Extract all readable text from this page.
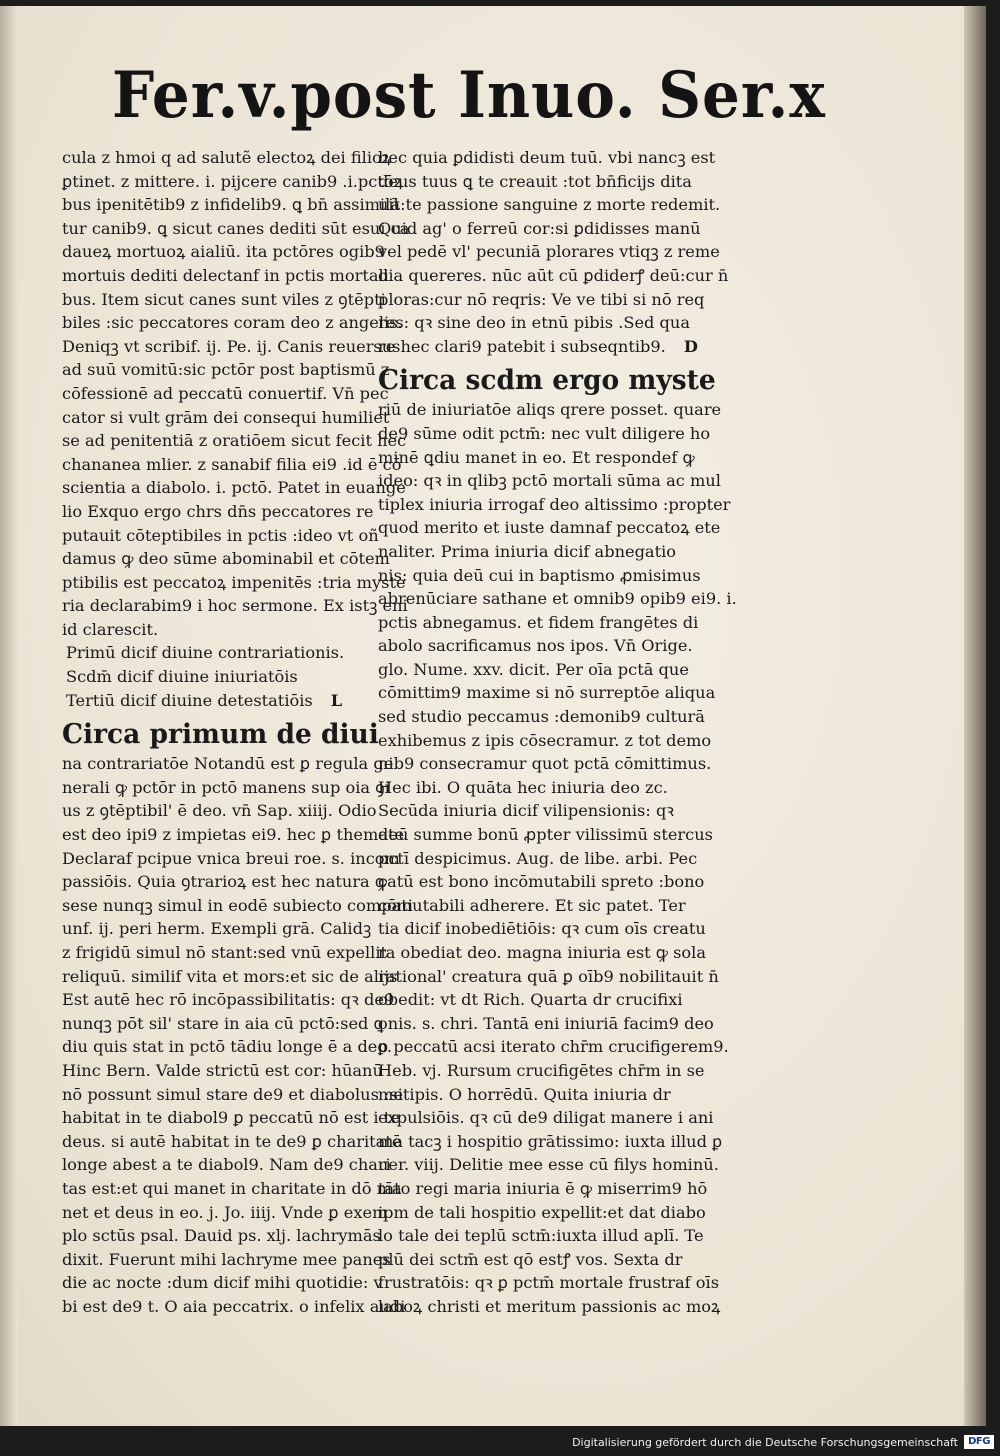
Fer.v.post Inuo. Ser.x
cula z hmoi q ad salutẽ electoꝝ dei filioꝝ
ꝑtinet. z mittere. i. pijcere canib9 .i.pctōꝝ
bus ipenitētib9 z infidelib9. ꝗ bn̄ assimilā
tur canib9. ꝗ sicut canes dediti sūt esui ca
daueꝝ mortuoꝝ aialiū. ita pctōres ogib9
mortuis dediti delectanf in pctis mortali
bus. Item sicut canes sunt viles z ꝯtēpti
biles :sic peccatores coram deo z angelis.
Deniqꝫ vt scribif. ij. Pe. ij. Canis reuersus
ad suū vomitū:sic pctōr post baptismū z
cōfessionē ad peccatū conuertif. Vn̄ pec
cator si vult grām dei consequi humiliet
se ad penitentiā z oratiōem sicut fecit hec
chananea mlier. z sanabif filia ei9 .id ē cō
scientia a diabolo. i. pctō. Patet in euange
lio Exquo ergo chrs dn̄s peccatores re
putauit cōteptibiles in pctis :ideo vt oñ
damus ꝙ deo sūme abominabil et cōtem
ptibilis est peccatoꝝ impenitēs :tria myste
ria declarabim9 i hoc sermone. Ex istꝫ eni
id clarescit.
Primū dicif diuine contrariationis.
Scdm̄ dicif diuine iniuriatōis
Tertiū dicif diuine detestatiōis L
Circa primum de diui
na contrariatōe Notandū est ꝑ regula ge
nerali ꝙ pctōr in pctō manens sup oia ꝯi
us z ꝯtēptibil' ē deo. vn̄ Sap. xiiij. Odio
est deo ipi9 z impietas ei9. hec ꝑ themate
Declaraf pcipue vnica breui roe. s. incom
passiōis. Quia ꝯtrarioꝝ est hec natura ꝙ
sese nunqꝫ simul in eodē subiecto compati
unf. ij. peri herm. Exempli grā. Calidꝫ
z frigidū simul nō stant:sed vnū expellit
reliquū. similif vita et mors:et sic de alijs
Est autē hec rō incōpassibilitatis: qꝛ de9
nunqꝫ pōt sil' stare in aia cū pctō:sed ꝗ
diu quis stat in pctō tādiu longe ē a deo.
Hinc Bern. Valde strictū est cor: hūanū
nō possunt simul stare de9 et diabolus :si
habitat in te diabol9 ꝑ peccatū nō est i te
deus. si autē habitat in te de9 ꝑ charitatē
longe abest a te diabol9. Nam de9 chari
tas est:et qui manet in charitate in dō ma
net et deus in eo. j. Jo. iiij. Vnde ꝑ exem
plo sctūs psal. Dauid ps. xlj. lachrymās
dixit. Fuerunt mihi lachryme mee panes
die ac nocte :dum dicif mihi quotidie: v
bi est de9 t. O aia peccatrix. o infelix audi
hec quia ꝑdidisti deum tuū. vbi nancꝫ est
deus tuus ꝗ te creauit :tot bn̄ficijs dita
uit:te passione sanguine z morte redemit.
Quid ag' o ferreū cor:si ꝑdidisses manū
vel pedē vl' pecuniā plorares vtiqꝫ z reme
dia quereres. nūc aūt cū ꝑdiderꝭ deū:cur n̄
ploras:cur nō reqris: Ve ve tibi si nō req
res: qꝛ sine deo in etnū pibis .Sed qua
re hec clari9 patebit i subseqntib9. D
Circa scdm ergo myste
riū de iniuriatōe aliqs qrere posset. quare
de9 sūme odit pctm̄: nec vult diligere ho
minē ꝗdiu manet in eo. Et respondef ꝙ
ideo: qꝛ in qlibꝫ pctō mortali sūma ac mul
tiplex iniuria irrogaf deo altissimo :propter
quod merito et iuste damnaf peccatoꝝ ete
naliter. Prima iniuria dicif abnegatio
nis: quia deū cui in baptismo ꝓmisimus
abrenūciare sathane et omnib9 opib9 ei9. i.
pctis abnegamus. et fidem frangētes di
abolo sacrificamus nos ipos. Vn̄ Orige.
glo. Nume. xxv. dicit. Per oīa pctā que
cōmittim9 maxime si nō surreptōe aliqua
sed studio peccamus :demonib9 culturā
exhibemus z ipis cōsecramur. z tot demo
nib9 consecramur quot pctā cōmittimus.
Hec ibi. O quāta hec iniuria deo zc.
Secūda iniuria dicif vilipensionis: qꝛ
deū summe bonū ꝓpter vilissimū stercus
pctī despicimus. Aug. de libe. arbi. Pec
catū est bono incōmutabili spreto :bono
cōmutabili adherere. Et sic patet. Ter
tia dicif inobediētiōis: qꝛ cum oīs creatu
ra obediat deo. magna iniuria est ꝙ sola
rational' creatura quā ꝑ oīb9 nobilitauit n̄
obedit: vt dt Rich. Quarta dr crucifixi
onis. s. chri. Tantā eni iniuriā facim9 deo
ꝑ peccatū acsi iterato chr̄m crucifigerem9.
Heb. vj. Rursum crucifigētes chr̄m in se
metipis. O horrēdū. Quita iniuria dr
expulsiōis. qꝛ cū de9 diligat manere i ani
ma tacꝫ i hospitio grātissimo: iuxta illud ꝑ
uer. viij. Delitie mee esse cū filys hominū.
tāto regi maria iniuria ē ꝙ miserrim9 hō
ipm de tali hospitio expellit:et dat diabo
lo tale dei teplū sctm̄:iuxta illud aplī. Te
plū dei sctm̄ est qō estꝭ vos. Sexta dr
frustratōis: qꝛ ꝑ pctm̄ mortale frustraf oīs
laboꝝ christi et meritum passionis ac moꝝ
Digitalisierung gefördert durch die Deutsche Forschungsgemeinschaft	DFG
